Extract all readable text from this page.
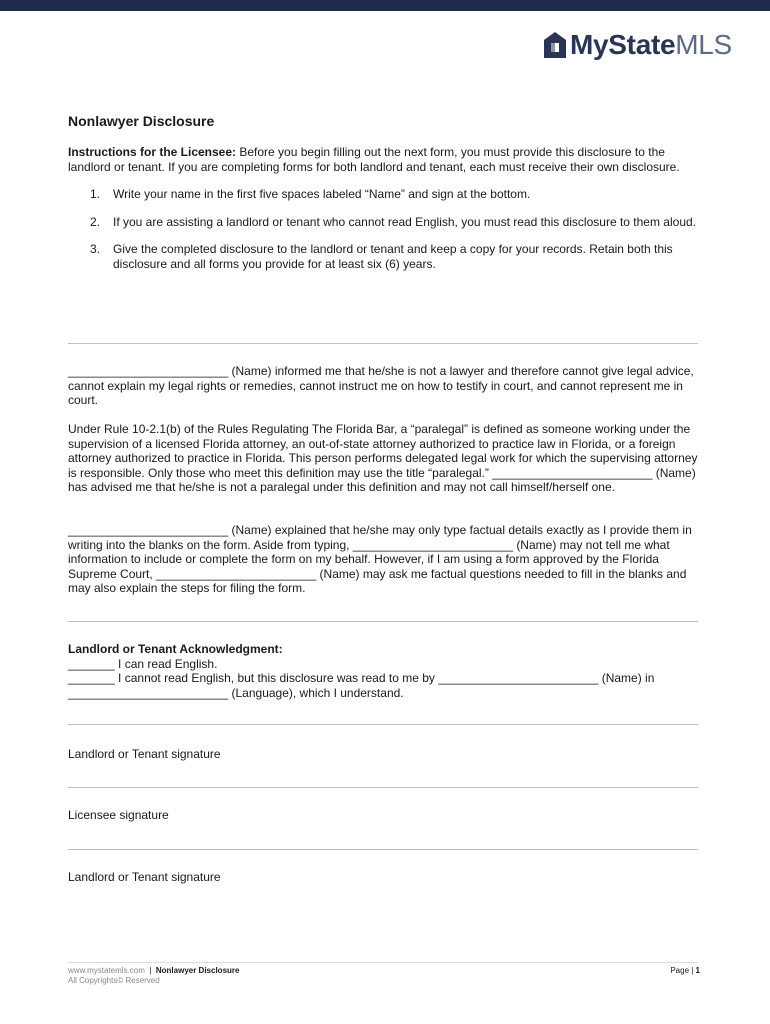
MyStateMLS
Nonlawyer Disclosure

Instructions for the Licensee: Before you begin filling out the next form, you must provide this disclosure to the landlord or tenant. If you are completing forms for both landlord and tenant, each must receive their own disclosure.

1. Write your name in the first five spaces labeled “Name” and sign at the bottom.
2. If you are assisting a landlord or tenant who cannot read English, you must read this disclosure to them aloud.
3. Give the completed disclosure to the landlord or tenant and keep a copy for your records. Retain both this disclosure and all forms you provide for at least six (6) years.

________________________ (Name) informed me that he/she is not a lawyer and therefore cannot give legal advice, cannot explain my legal rights or remedies, cannot instruct me on how to testify in court, and cannot represent me in court.

Under Rule 10-2.1(b) of the Rules Regulating The Florida Bar, a “paralegal” is defined as someone working under the supervision of a licensed Florida attorney, an out-of-state attorney authorized to practice law in Florida, or a foreign attorney authorized to practice in Florida. This person performs delegated legal work for which the supervising attorney is responsible. Only those who meet this definition may use the title “paralegal.” ________________________ (Name) has advised me that he/she is not a paralegal under this definition and may not call himself/herself one.

________________________ (Name) explained that he/she may only type factual details exactly as I provide them in writing into the blanks on the form. Aside from typing, ________________________ (Name) may not tell me what information to include or complete the form on my behalf. However, if I am using a form approved by the Florida Supreme Court, ________________________ (Name) may ask me factual questions needed to fill in the blanks and may also explain the steps for filing the form.

Landlord or Tenant Acknowledgment:
_______ I can read English.
_______ I cannot read English, but this disclosure was read to me by ________________________ (Name) in ________________________ (Language), which I understand.
Landlord or Tenant signature
Licensee signature
Landlord or Tenant signature
www.mystatemls.com  |  Nonlawyer Disclosure
All Copyrights© Reserved
Page | 1
